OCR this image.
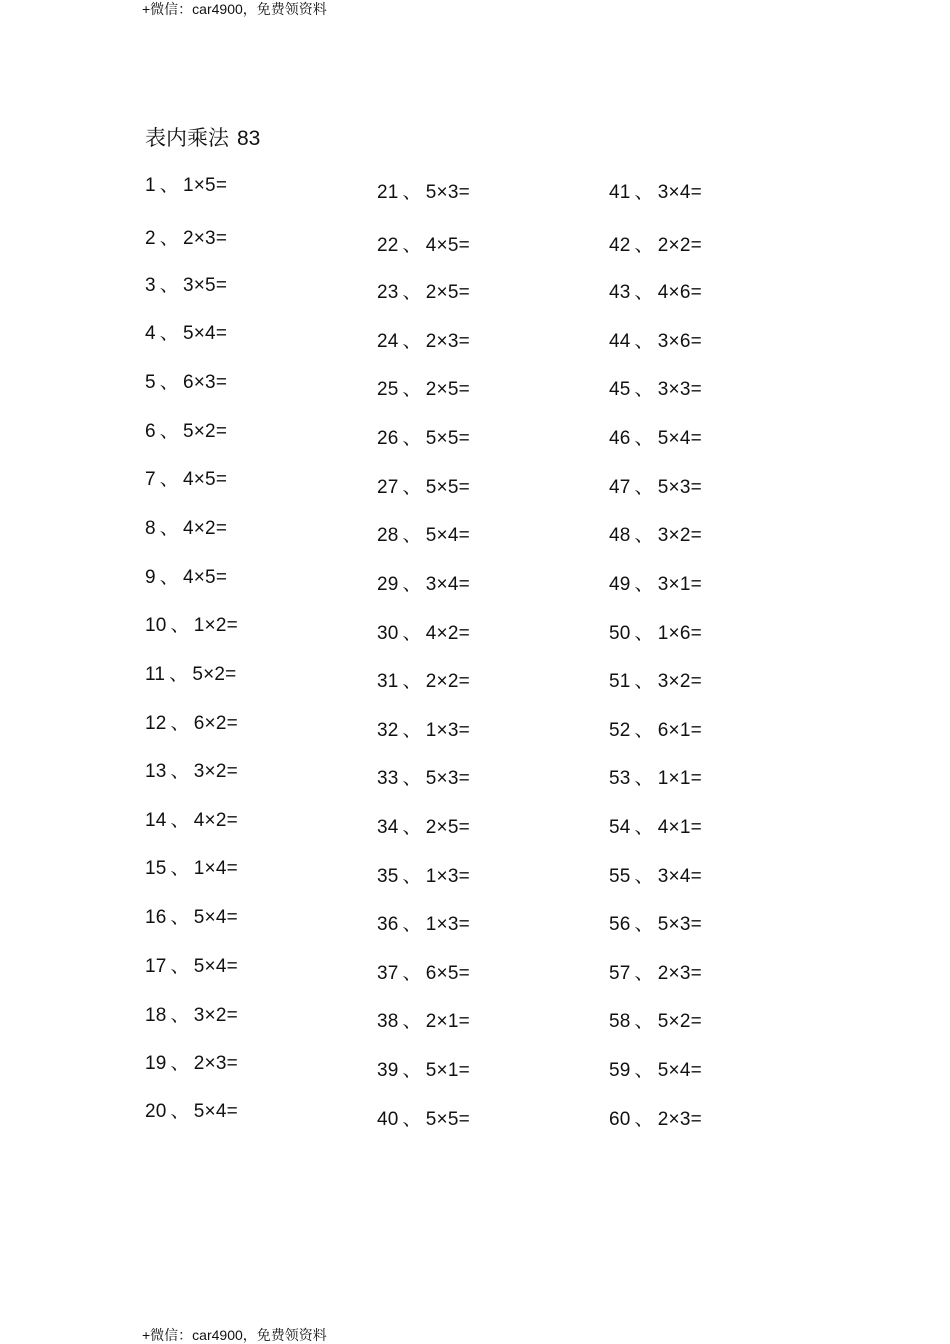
+微信：car4900，免费领资料
表内乘法 83
1 、 1×5=
2 、 2×3=
3 、 3×5=
4 、 5×4=
5 、 6×3=
6 、 5×2=
7 、 4×5=
8 、 4×2=
9 、 4×5=
10 、 1×2=
11 、 5×2=
12 、 6×2=
13 、 3×2=
14 、 4×2=
15 、 1×4=
16 、 5×4=
17 、 5×4=
18 、 3×2=
19 、 2×3=
20 、 5×4=
21 、 5×3=
22 、 4×5=
23 、 2×5=
24 、 2×3=
25 、 2×5=
26 、 5×5=
27 、 5×5=
28 、 5×4=
29 、 3×4=
30 、 4×2=
31 、 2×2=
32 、 1×3=
33 、 5×3=
34 、 2×5=
35 、 1×3=
36 、 1×3=
37 、 6×5=
38 、 2×1=
39 、 5×1=
40 、 5×5=
41 、 3×4=
42 、 2×2=
43 、 4×6=
44 、 3×6=
45 、 3×3=
46 、 5×4=
47 、 5×3=
48 、 3×2=
49 、 3×1=
50 、 1×6=
51 、 3×2=
52 、 6×1=
53 、 1×1=
54 、 4×1=
55 、 3×4=
56 、 5×3=
57 、 2×3=
58 、 5×2=
59 、 5×4=
60 、 2×3=
+微信：car4900，免费领资料
